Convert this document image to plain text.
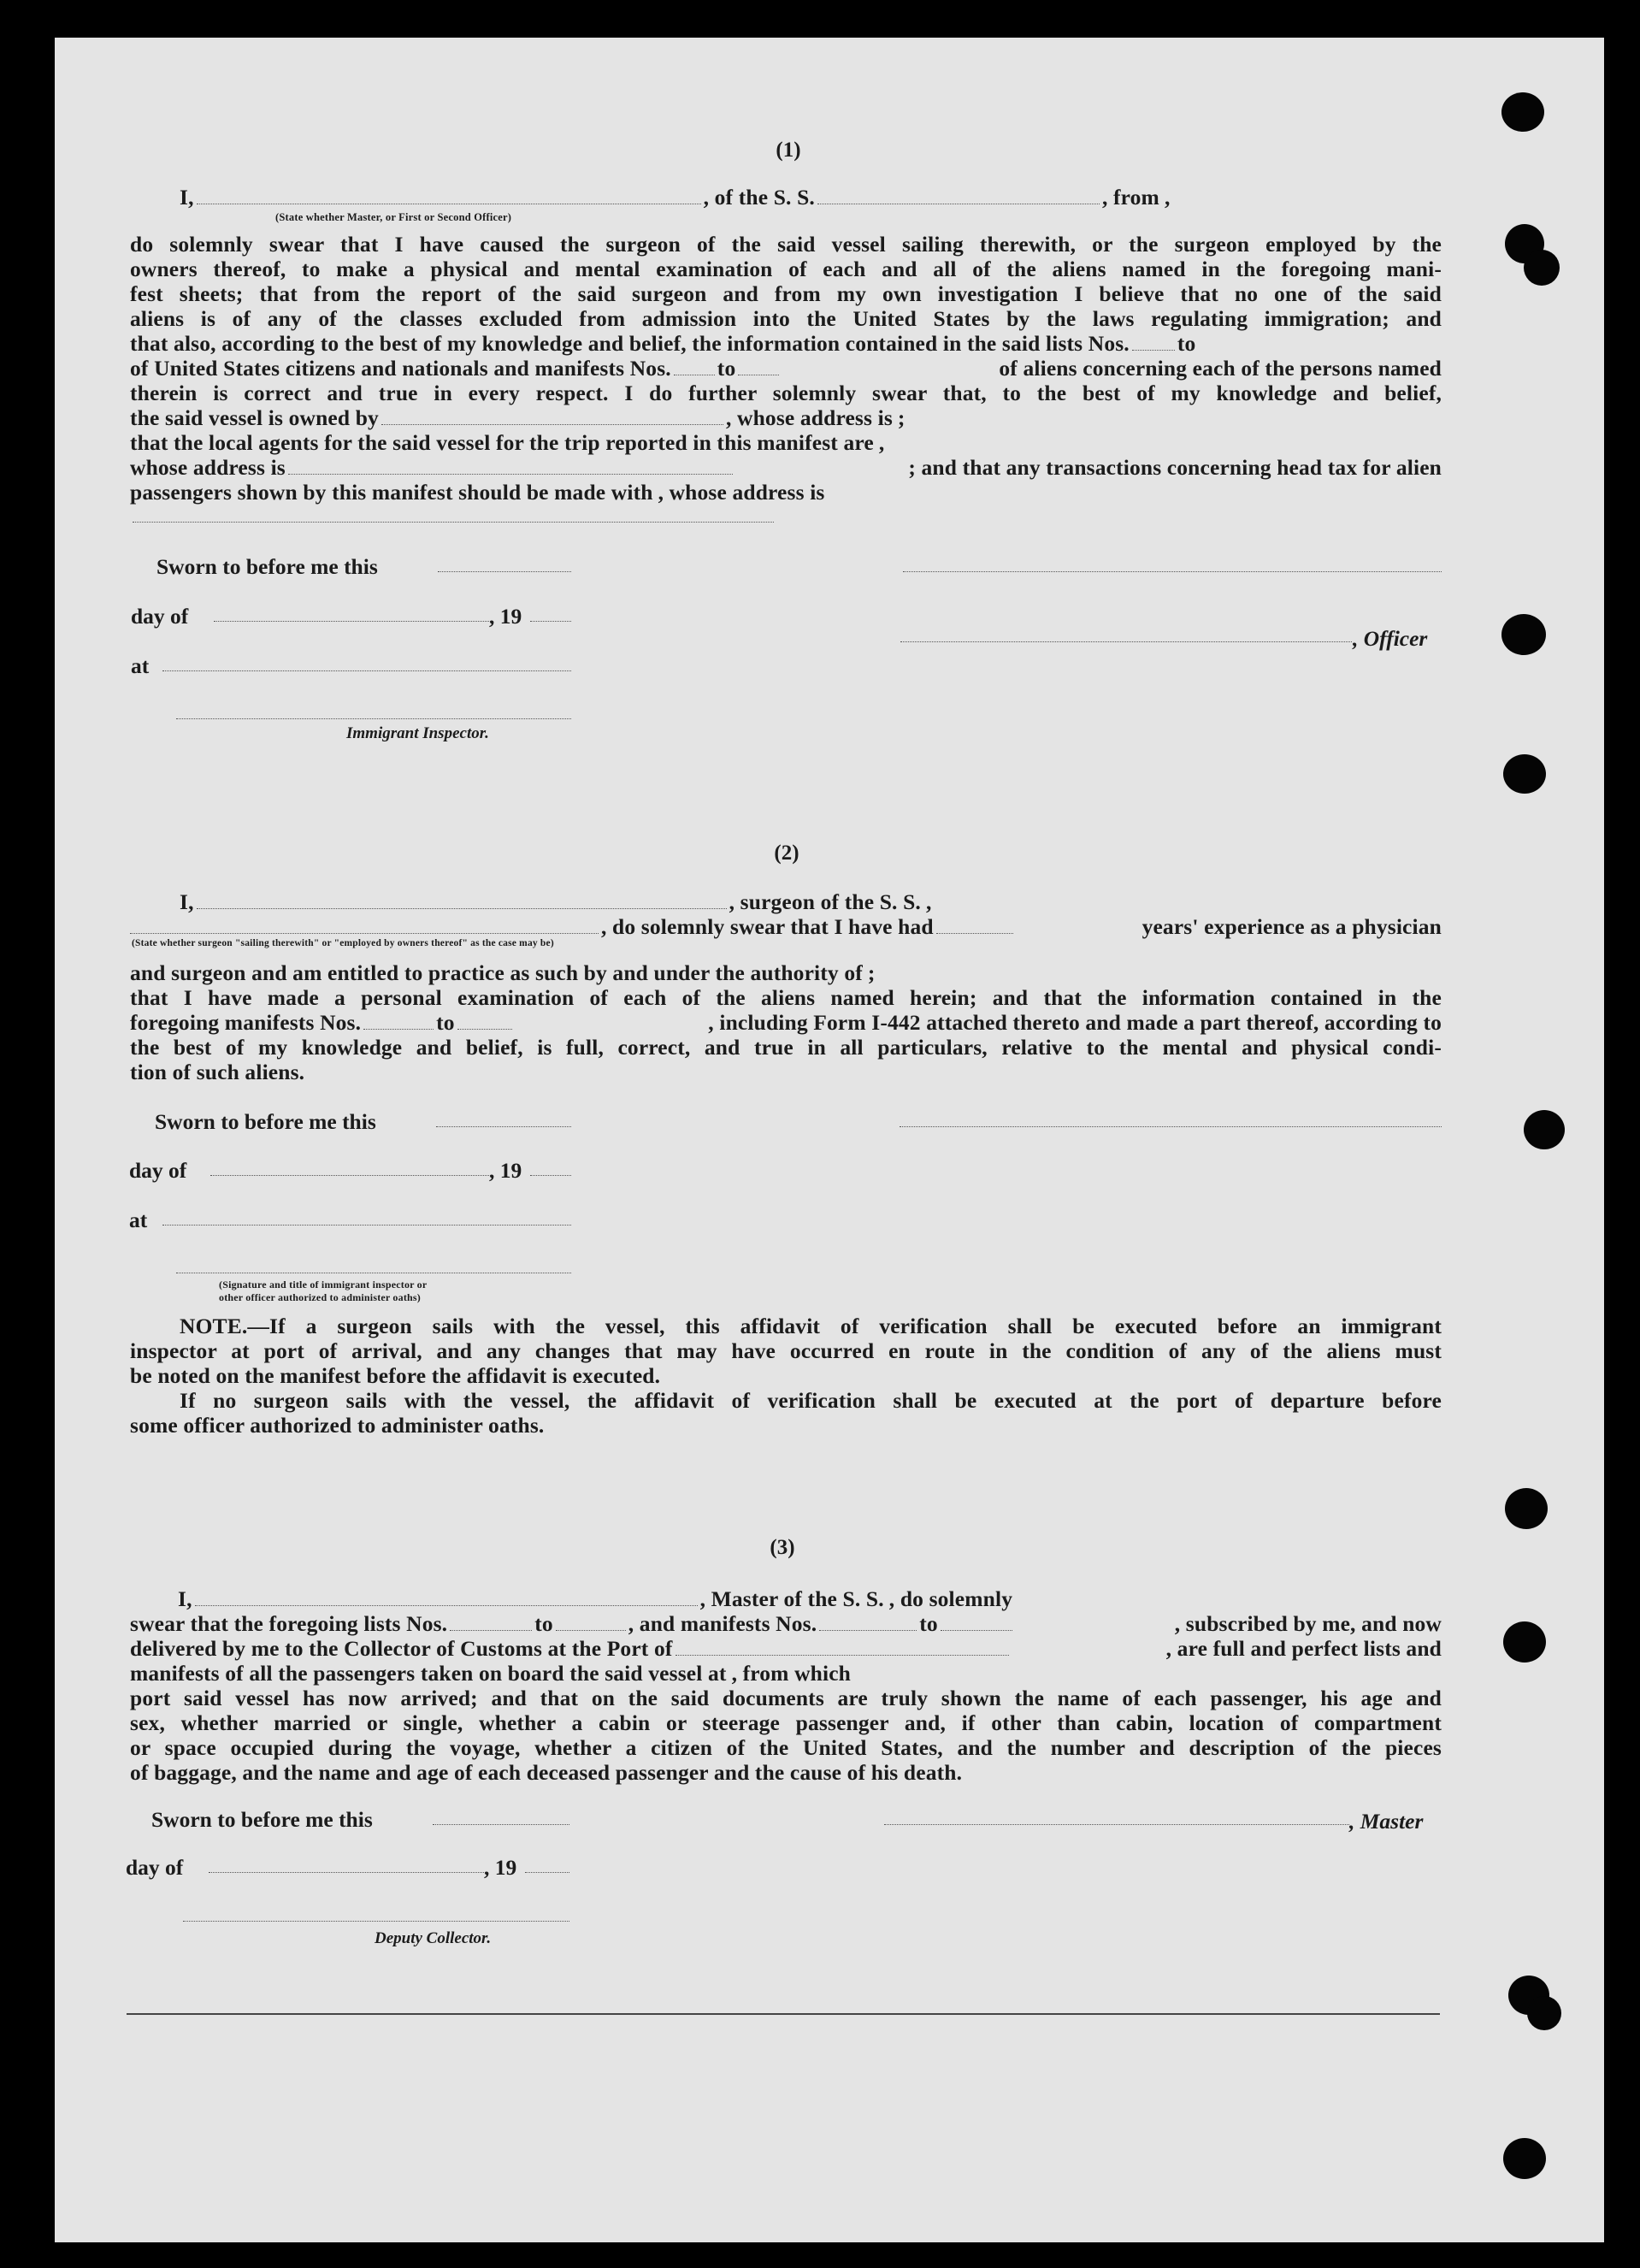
(1)
I,	, of the S. S.	, from ,
(State whether Master, or First or Second Officer)
do solemnly swear that I have caused the surgeon of the said vessel sailing therewith, or the surgeon employed by the
owners thereof, to make a physical and mental examination of each and all of the aliens named in the foregoing mani-
fest sheets; that from the report of the said surgeon and from my own investigation I believe that no one of the said
aliens is of any of the classes excluded from admission into the United States by the laws regulating immigration; and
that also, according to the best of my knowledge and belief, the information contained in the said lists Nos. to
of United States citizens and nationals and manifests Nos. to	of aliens concerning each of the persons named
therein is correct and true in every respect. I do further solemnly swear that, to the best of my knowledge and belief,
the said vessel is owned by	, whose address is ;
that the local agents for the said vessel for the trip reported in this manifest are ,
whose address is	; and that any transactions concerning head tax for alien
passengers shown by this manifest should be made with , whose address is
Sworn to before me this
day of	, 19
, Officer
at
Immigrant Inspector.
(2)
I,	, surgeon of the S. S. ,
, do solemnly swear that I have had	years' experience as a physician
(State whether surgeon "sailing therewith" or "employed by owners thereof" as the case may be)
and surgeon and am entitled to practice as such by and under the authority of ;
that I have made a personal examination of each of the aliens named herein; and that the information contained in the
foregoing manifests Nos.	to	, including Form I-442 attached thereto and made a part thereof, according to
the best of my knowledge and belief, is full, correct, and true in all particulars, relative to the mental and physical condi-
tion of such aliens.
Sworn to before me this
day of	, 19
at
(Signature and title of immigrant inspector or
other officer authorized to administer oaths)
NOTE.—If a surgeon sails with the vessel, this affidavit of verification shall be executed before an immigrant
inspector at port of arrival, and any changes that may have occurred en route in the condition of any of the aliens must
be noted on the manifest before the affidavit is executed.
If no surgeon sails with the vessel, the affidavit of verification shall be executed at the port of departure before
some officer authorized to administer oaths.
(3)
I,	, Master of the S. S. , do solemnly
swear that the foregoing lists Nos.	to	, and manifests Nos.	to	, subscribed by me, and now
delivered by me to the Collector of Customs at the Port of	, are full and perfect lists and
manifests of all the passengers taken on board the said vessel at , from which
port said vessel has now arrived; and that on the said documents are truly shown the name of each passenger, his age and
sex, whether married or single, whether a cabin or steerage passenger and, if other than cabin, location of compartment
or space occupied during the voyage, whether a citizen of the United States, and the number and description of the pieces
of baggage, and the name and age of each deceased passenger and the cause of his death.
Sworn to before me this	, Master
day of	, 19
Deputy Collector.
